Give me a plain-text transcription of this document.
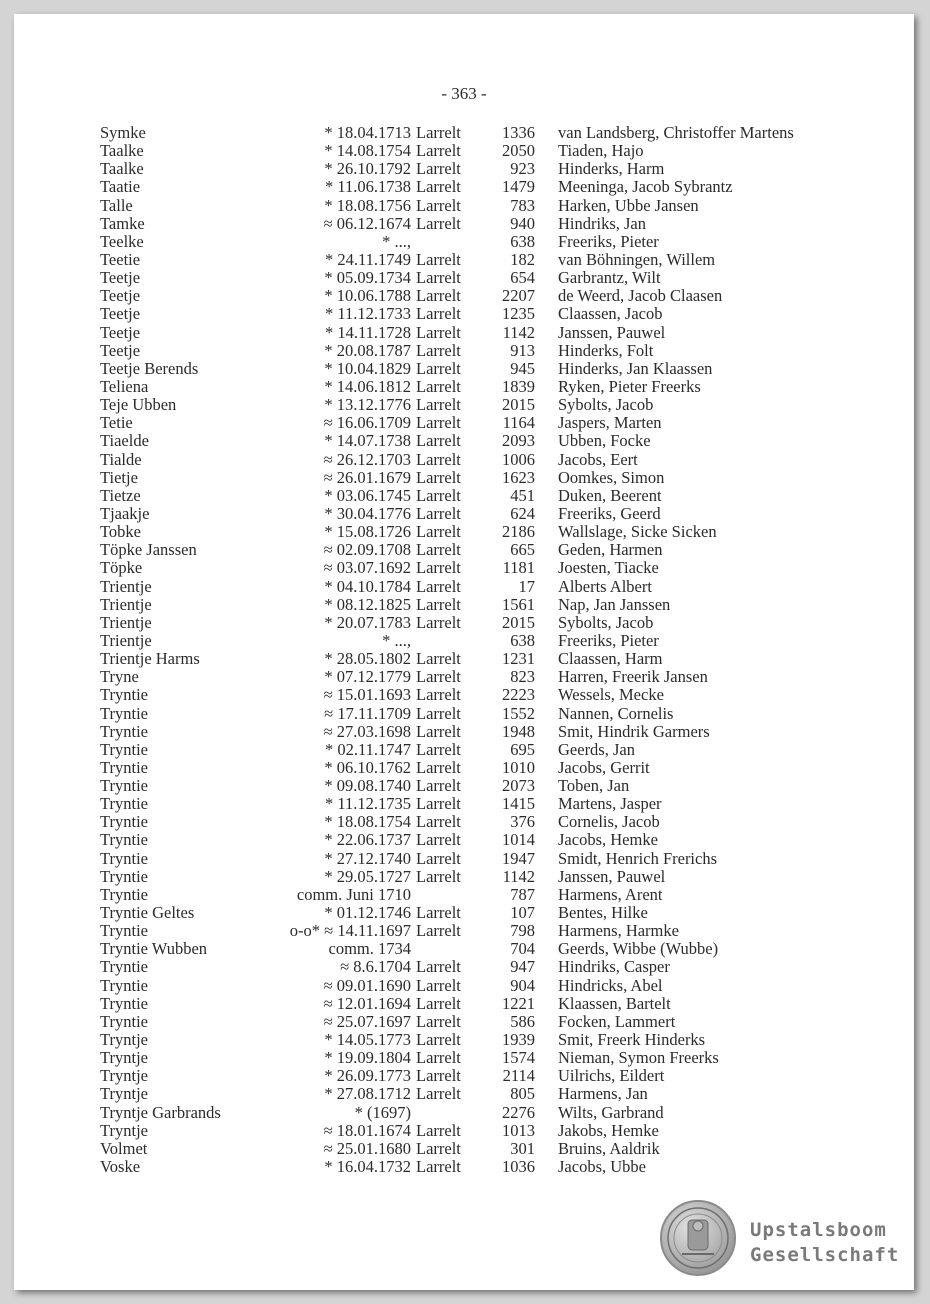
- 363 -
Symke	* 18.04.1713 Larrelt 1336 van Landsberg, Christoffer Martens
Taalke	* 14.08.1754 Larrelt 2050 Tiaden, Hajo
Taalke	* 26.10.1792 Larrelt	923 Hinderks, Harm
Taatie	* 11.06.1738 Larrelt 1479 Meeninga, Jacob Sybrantz
Talle	* 18.08.1756 Larrelt	783 Harken, Ubbe Jansen
Tamke	≈ 06.12.1674 Larrelt	940 Hindriks, Jan
Teelke	* ...,	638 Freeriks, Pieter
Teetie	* 24.11.1749 Larrelt	182 van Böhningen, Willem
Teetje	* 05.09.1734 Larrelt	654 Garbrantz, Wilt
Teetje	* 10.06.1788 Larrelt 2207 de Weerd, Jacob Claasen
Teetje	* 11.12.1733 Larrelt 1235 Claassen, Jacob
Teetje	* 14.11.1728 Larrelt	1142 Janssen, Pauwel
Teetje	* 20.08.1787 Larrelt	913 Hinderks, Folt
Teetje Berends	* 10.04.1829 Larrelt	945 Hinderks, Jan Klaassen
Teliena	* 14.06.1812 Larrelt 1839 Ryken, Pieter Freerks
Teje Ubben	* 13.12.1776 Larrelt 2015 Sybolts, Jacob
Tetie	≈ 16.06.1709 Larrelt	1164 Jaspers, Marten
Tiaelde	* 14.07.1738 Larrelt 2093 Ubben, Focke
Tialde	≈ 26.12.1703 Larrelt 1006 Jacobs, Eert
Tietje	≈ 26.01.1679 Larrelt 1623 Oomkes, Simon
Tietze	* 03.06.1745 Larrelt	451 Duken, Beerent
Tjaakje	* 30.04.1776 Larrelt	624 Freeriks, Geerd
Tobke	* 15.08.1726 Larrelt 2186 Wallslage, Sicke Sicken
Töpke Janssen	≈ 02.09.1708 Larrelt	665 Geden, Harmen
Töpke	≈ 03.07.1692 Larrelt	1181 Joesten, Tiacke
Trientje	* 04.10.1784 Larrelt	17 Alberts Albert
Trientje	* 08.12.1825 Larrelt 1561 Nap, Jan Janssen
Trientje	* 20.07.1783 Larrelt 2015 Sybolts, Jacob
Trientje	* ...,	638 Freeriks, Pieter
Trientje Harms	* 28.05.1802 Larrelt 1231 Claassen, Harm
Tryne	* 07.12.1779 Larrelt	823 Harren, Freerik Jansen
Tryntie	≈ 15.01.1693 Larrelt 2223 Wessels, Mecke
Tryntie	≈ 17.11.1709 Larrelt 1552 Nannen, Cornelis
Tryntie	≈ 27.03.1698 Larrelt 1948 Smit, Hindrik Garmers
Tryntie	* 02.11.1747 Larrelt	695 Geerds, Jan
Tryntie	* 06.10.1762 Larrelt 1010 Jacobs, Gerrit
Tryntie	* 09.08.1740 Larrelt 2073 Toben, Jan
Tryntie	* 11.12.1735 Larrelt 1415 Martens, Jasper
Tryntie	* 18.08.1754 Larrelt	376 Cornelis, Jacob
Tryntie	* 22.06.1737 Larrelt 1014 Jacobs, Hemke
Tryntie	* 27.12.1740 Larrelt 1947 Smidt, Henrich Frerichs
Tryntie	* 29.05.1727 Larrelt	1142 Janssen, Pauwel
Tryntie	comm. Juni 1710	787 Harmens, Arent
Tryntie Geltes	* 01.12.1746 Larrelt	107 Bentes, Hilke
Tryntie	o-o* ≈ 14.11.1697 Larrelt	798 Harmens, Harmke
Tryntie Wubben	comm. 1734	704 Geerds, Wibbe (Wubbe)
Tryntie	≈ 8.6.1704 Larrelt	947 Hindriks, Casper
Tryntie	≈ 09.01.1690 Larrelt	904 Hindricks, Abel
Tryntie	≈ 12.01.1694 Larrelt 1221 Klaassen, Bartelt
Tryntie	≈ 25.07.1697 Larrelt	586 Focken, Lammert
Tryntje	* 14.05.1773 Larrelt 1939 Smit, Freerk Hinderks
Tryntje	* 19.09.1804 Larrelt 1574 Nieman, Symon Freerks
Tryntje	* 26.09.1773 Larrelt	2114 Uilrichs, Eildert
Tryntje	* 27.08.1712 Larrelt	805 Harmens, Jan
Tryntje Garbrands	* (1697)	2276 Wilts, Garbrand
Tryntje	≈ 18.01.1674 Larrelt 1013 Jakobs, Hemke
Volmet	≈ 25.01.1680 Larrelt	301 Bruins, Aaldrik
Voske	* 16.04.1732 Larrelt 1036 Jacobs, Ubbe
Upstalsboom
Gesellschaft
